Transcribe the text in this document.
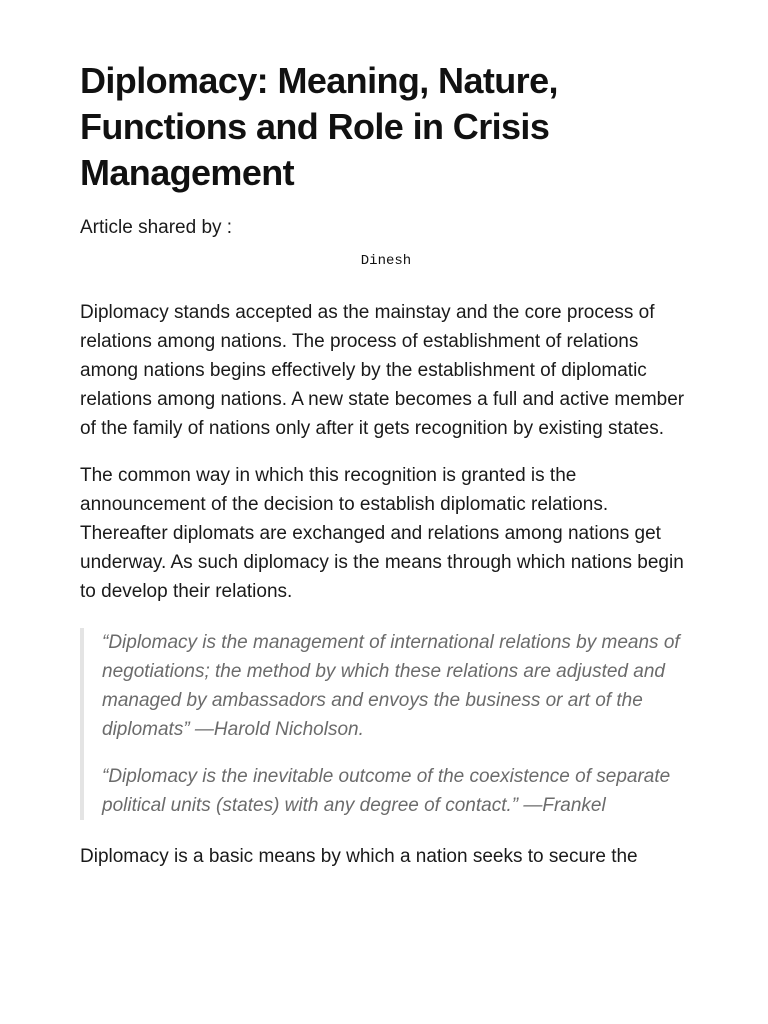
Diplomacy: Meaning, Nature, Functions and Role in Crisis Management

Article shared by :

Dinesh

Diplomacy stands accepted as the mainstay and the core process of relations among nations. The process of establishment of relations among nations begins effectively by the establishment of diplomatic relations among nations. A new state becomes a full and active member of the family of nations only after it gets recognition by existing states.

The common way in which this recognition is granted is the announcement of the decision to establish diplomatic relations. Thereafter diplomats are exchanged and relations among nations get underway. As such diplomacy is the means through which nations begin to develop their relations.

“Diplomacy is the management of international relations by means of negotiations; the method by which these relations are adjusted and managed by ambassadors and envoys the business or art of the diplomats” —Harold Nicholson.

“Diplomacy is the inevitable outcome of the coexistence of separate political units (states) with any degree of contact.” —Frankel

Diplomacy is a basic means by which a nation seeks to secure the
